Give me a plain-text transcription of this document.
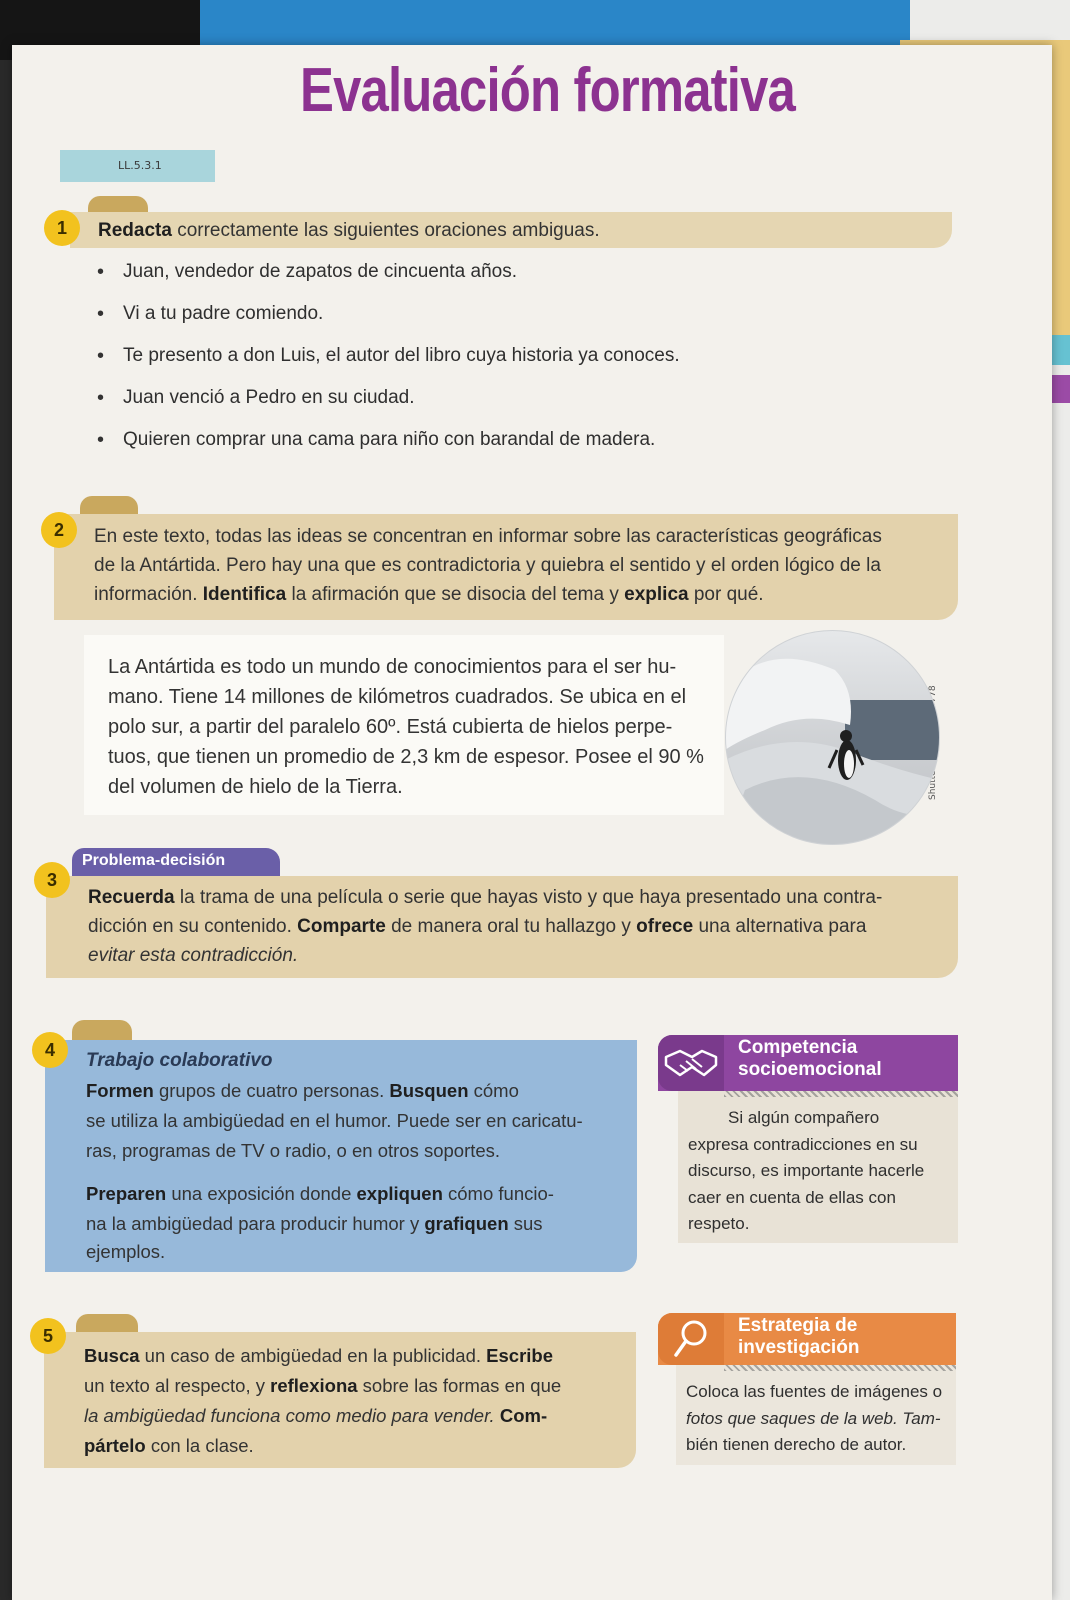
Evaluación formativa
LL.5.3.1
1	Redacta correctamente las siguientes oraciones ambiguas.
• Juan, vendedor de zapatos de cincuenta años.
• Vi a tu padre comiendo.
• Te presento a don Luis, el autor del libro cuya historia ya conoces.
• Juan venció a Pedro en su ciudad.
• Quieren comprar una cama para niño con barandal de madera.
2	En este texto, todas las ideas se concentran en informar sobre las características geográficas
de la Antártida. Pero hay una que es contradictoria y quiebra el sentido y el orden lógico de la
información. Identifica la afirmación que se disocia del tema y explica por qué.
La Antártida es todo un mundo de conocimientos para el ser hu-
mano. Tiene 14 millones de kilómetros cuadrados. Se ubica en el
polo sur, a partir del paralelo 60º. Está cubierta de hielos perpe-
tuos, que tienen un promedio de 2,3 km de espesor. Posee el 90 %
del volumen de hielo de la Tierra.
Problema-decisión
3
Recuerda la trama de una película o serie que hayas visto y que haya presentado una contra-
dicción en su contenido. Comparte de manera oral tu hallazgo y ofrece una alternativa para
evitar esta contradicción.
4	Trabajo colaborativo
Formen grupos de cuatro personas. Busquen cómo
se utiliza la ambigüedad en el humor. Puede ser en caricatu-
ras, programas de TV o radio, o en otros soportes.
Preparen una exposición donde expliquen cómo funcio-
na la ambigüedad para producir humor y grafiquen sus
ejemplos.
Competencia
socioemocional
Si algún compañero
expresa contradicciones en su
discurso, es importante hacerle
caer en cuenta de ellas con
respeto.
5
Busca un caso de ambigüedad en la publicidad. Escribe
un texto al respecto, y reflexiona sobre las formas en que
la ambigüedad funciona como medio para vender. Com-
pártelo con la clase.
Estrategia de
investigación
Coloca las fuentes de imágenes o
fotos que saques de la web. Tam-
bién tienen derecho de autor.
